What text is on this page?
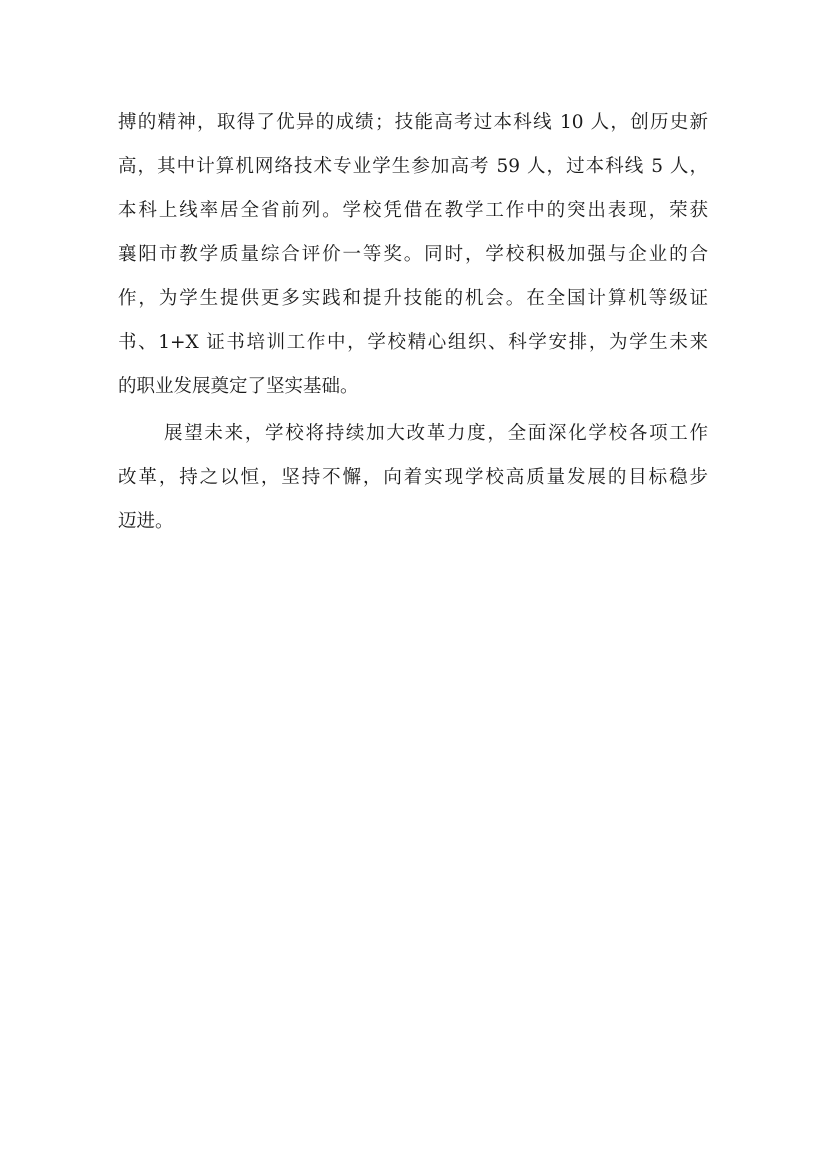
搏的精神，取得了优异的成绩；技能高考过本科线 10 人，创历史新
高，其中计算机网络技术专业学生参加高考 59 人，过本科线 5 人，
本科上线率居全省前列。学校凭借在教学工作中的突出表现，荣获
襄阳市教学质量综合评价一等奖。同时，学校积极加强与企业的合
作，为学生提供更多实践和提升技能的机会。在全国计算机等级证
书、1+X 证书培训工作中，学校精心组织、科学安排，为学生未来
的职业发展奠定了坚实基础。
展望未来，学校将持续加大改革力度，全面深化学校各项工作
改革，持之以恒，坚持不懈，向着实现学校高质量发展的目标稳步
迈进。
